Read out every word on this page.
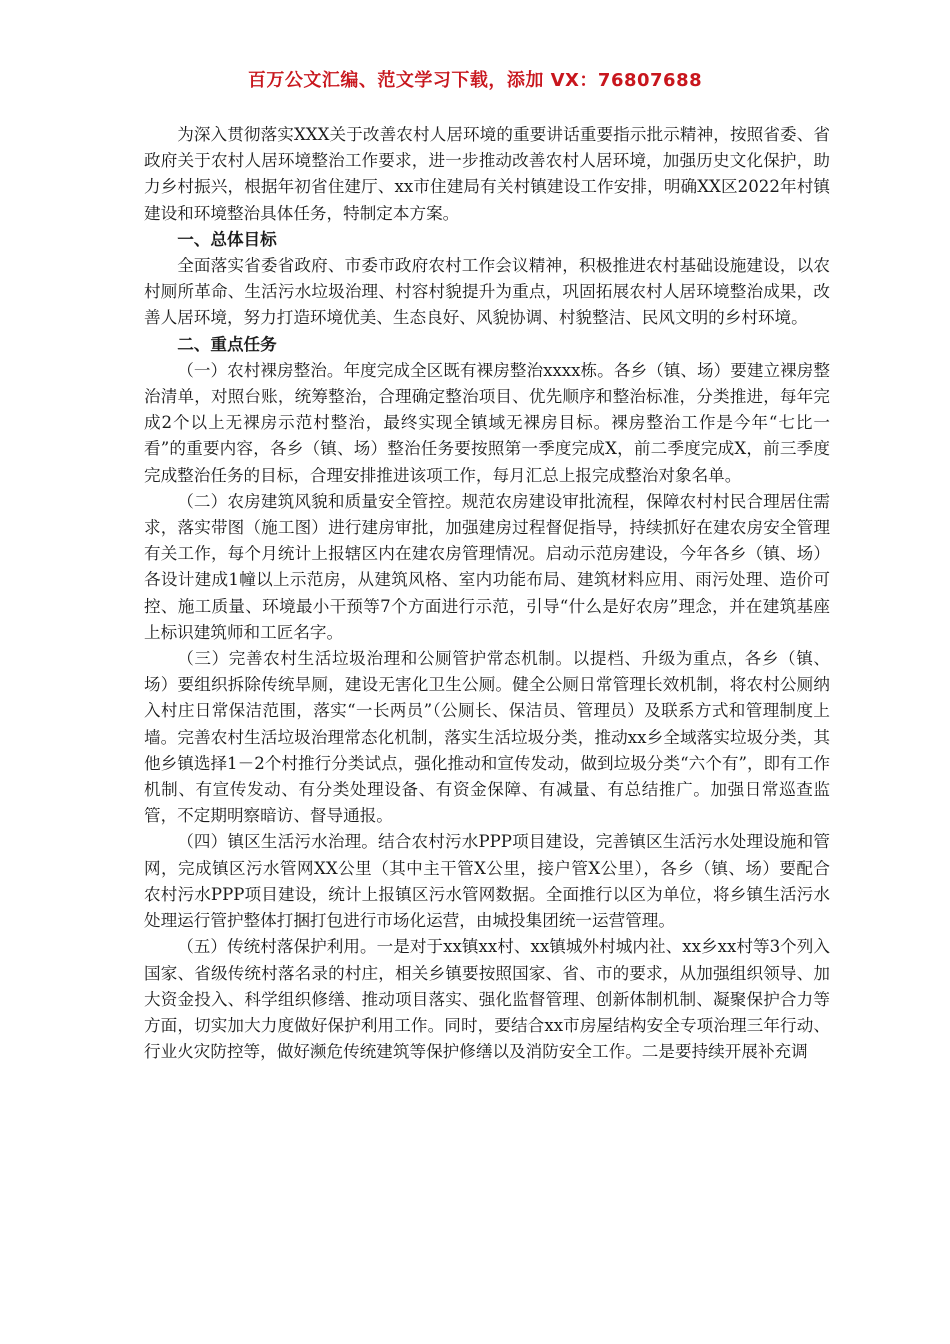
百万公文汇编、范文学习下载，添加 VX：76807688

为深入贯彻落实XXX关于改善农村人居环境的重要讲话重要指示批示精神，按照省委、省政府关于农村人居环境整治工作要求，进一步推动改善农村人居环境，加强历史文化保护，助力乡村振兴，根据年初省住建厅、xx市住建局有关村镇建设工作安排，明确XX区2022年村镇建设和环境整治具体任务，特制定本方案。

一、总体目标

全面落实省委省政府、市委市政府农村工作会议精神，积极推进农村基础设施建设，以农村厕所革命、生活污水垃圾治理、村容村貌提升为重点，巩固拓展农村人居环境整治成果，改善人居环境，努力打造环境优美、生态良好、风貌协调、村貌整洁、民风文明的乡村环境。

二、重点任务

（一）农村裸房整治。年度完成全区既有裸房整治xxxx栋。各乡（镇、场）要建立裸房整治清单，对照台账，统筹整治，合理确定整治项目、优先顺序和整治标准，分类推进，每年完成2个以上无裸房示范村整治，最终实现全镇域无裸房目标。裸房整治工作是今年“七比一看”的重要内容，各乡（镇、场）整治任务要按照第一季度完成X，前二季度完成X，前三季度完成整治任务的目标，合理安排推进该项工作，每月汇总上报完成整治对象名单。

（二）农房建筑风貌和质量安全管控。规范农房建设审批流程，保障农村村民合理居住需求，落实带图（施工图）进行建房审批，加强建房过程督促指导，持续抓好在建农房安全管理有关工作，每个月统计上报辖区内在建农房管理情况。启动示范房建设，今年各乡（镇、场）各设计建成1幢以上示范房，从建筑风格、室内功能布局、建筑材料应用、雨污处理、造价可控、施工质量、环境最小干预等7个方面进行示范，引导“什么是好农房”理念，并在建筑基座上标识建筑师和工匠名字。

（三）完善农村生活垃圾治理和公厕管护常态机制。以提档、升级为重点，各乡（镇、场）要组织拆除传统旱厕，建设无害化卫生公厕。健全公厕日常管理长效机制，将农村公厕纳入村庄日常保洁范围，落实“一长两员”（公厕长、保洁员、管理员）及联系方式和管理制度上墙。完善农村生活垃圾治理常态化机制，落实生活垃圾分类，推动xx乡全域落实垃圾分类，其他乡镇选择1－2个村推行分类试点，强化推动和宣传发动，做到垃圾分类“六个有”，即有工作机制、有宣传发动、有分类处理设备、有资金保障、有减量、有总结推广。加强日常巡查监管，不定期明察暗访、督导通报。

（四）镇区生活污水治理。结合农村污水PPP项目建设，完善镇区生活污水处理设施和管网，完成镇区污水管网XX公里（其中主干管X公里，接户管X公里），各乡（镇、场）要配合农村污水PPP项目建设，统计上报镇区污水管网数据。全面推行以区为单位，将乡镇生活污水处理运行管护整体打捆打包进行市场化运营，由城投集团统一运营管理。

（五）传统村落保护利用。一是对于xx镇xx村、xx镇城外村城内社、xx乡xx村等3个列入国家、省级传统村落名录的村庄，相关乡镇要按照国家、省、市的要求，从加强组织领导、加大资金投入、科学组织修缮、推动项目落实、强化监督管理、创新体制机制、凝聚保护合力等方面，切实加大力度做好保护利用工作。同时，要结合xx市房屋结构安全专项治理三年行动、行业火灾防控等，做好濒危传统建筑等保护修缮以及消防安全工作。二是要持续开展补充调
